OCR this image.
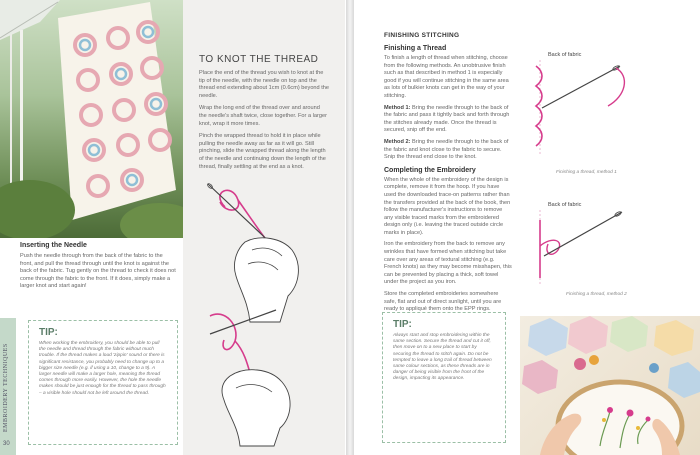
Inserting the Needle

Push the needle through from the back of the fabric to the front, and pull the thread through until the knot is against the back of the fabric. Tug gently on the thread to check it does not come through the fabric to the front. If it does, simply make a larger knot and start again!

TO KNOT THE THREAD

Place the end of the thread you wish to knot at the tip of the needle, with the needle on top and the thread end extending about 1cm (0.6cm) beyond the needle.

Wrap the long end of the thread over and around the needle's shaft twice, close together. For a larger knot, wrap it more times.

Pinch the wrapped thread to hold it in place while pulling the needle away as far as it will go. Still pinching, slide the wrapped thread along the length of the needle and continuing down the length of the thread, finally settling at the end as a knot.

TIP:

When working the embroidery, you should be able to pull the needle and thread through the fabric without much trouble. If the thread makes a loud 'zippin' sound or there is significant resistance, you probably need to change up to a bigger size needle (e.g. if using a 10, change to a 9). A larger needle will make a larger hole, meaning the thread comes through more easily. However, the hole the needle makes should be just enough for the thread to pass through – a visible hole should not be left around the thread.

EMBROIDERY TECHNIQUES
30
FINISHING STITCHING
Finishing a Thread

To finish a length of thread when stitching, choose from the following methods. An unobtrusive finish such as that described in method 1 is especially good if you will continue stitching in the same area as lots of bulkier knots can get in the way of your stitching.

Method 1: Bring the needle through to the back of the fabric and pass it tightly back and forth through the stitches already made. Once the thread is secured, snip off the end.

Method 2: Bring the needle through to the back of the fabric and knot close to the fabric to secure. Snip the thread end close to the knot.

Completing the Embroidery

When the whole of the embroidery of the design is complete, remove it from the hoop. If you have used the downloaded trace-on patterns rather than the transfers provided at the back of the book, then follow the manufacturer's instructions to remove any visible traced marks from the embroidered design only (i.e. leaving the traced outside circle marks in place).

Iron the embroidery from the back to remove any wrinkles that have formed when stitching but take care over any areas of textural stitching (e.g. French knots) as they may become misshapen, this can be prevented by placing a thick, soft towel under the project as you iron.

Store the completed embroideries somewhere safe, flat and out of direct sunlight, until you are ready to appliqué them onto the EPP rings.

Back of fabric
Finishing a thread, method 1
Back of fabric
Finishing a thread, method 2
TIP:

Always start and stop embroidering within the same section. Secure the thread and cut it off, then move on to a new place to start by securing the thread to stitch again. Do not be tempted to leave a long trail of thread between same colour sections, as these threads are in danger of being visible from the front of the design, impacting its appearance.
